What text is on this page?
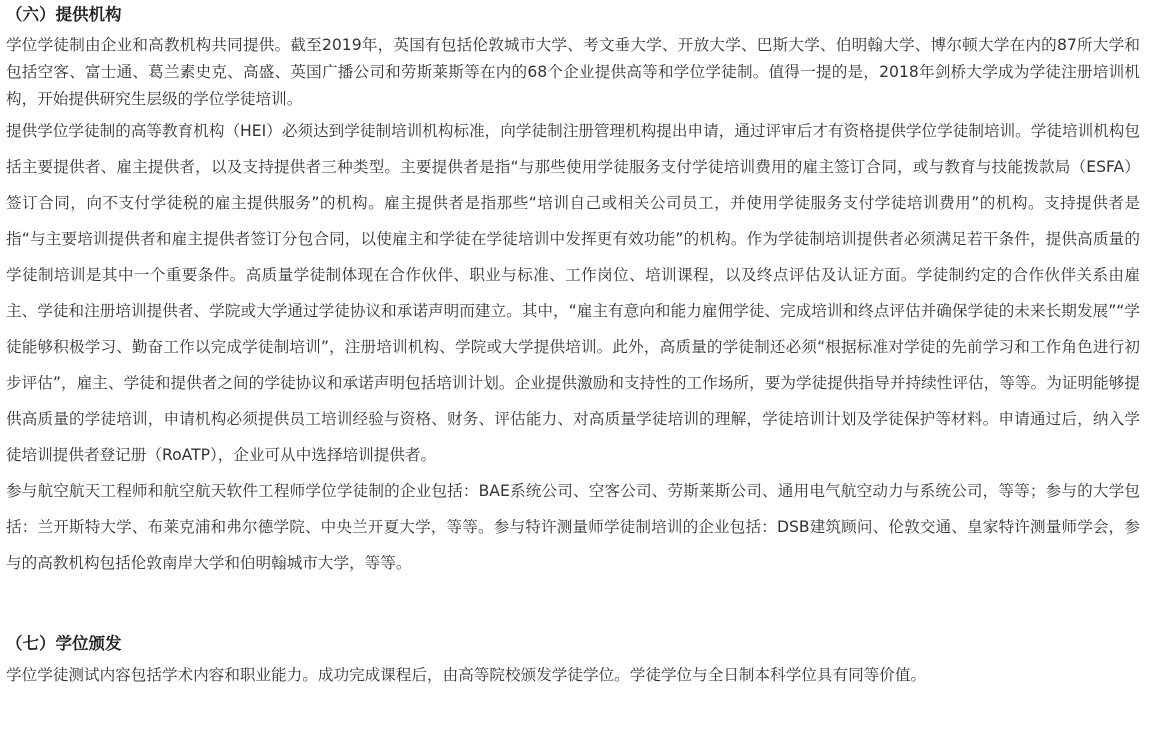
（六）提供机构

学位学徒制由企业和高教机构共同提供。截至2019年，英国有包括伦敦城市大学、考文垂大学、开放大学、巴斯大学、伯明翰大学、博尔顿大学在内的87所大学和包括空客、富士通、葛兰素史克、高盛、英国广播公司和劳斯莱斯等在内的68个企业提供高等和学位学徒制。值得一提的是，2018年剑桥大学成为学徒注册培训机构，开始提供研究生层级的学位学徒培训。

提供学位学徒制的高等教育机构（HEI）必须达到学徒制培训机构标准，向学徒制注册管理机构提出申请，通过评审后才有资格提供学位学徒制培训。学徒培训机构包括主要提供者、雇主提供者，以及支持提供者三种类型。主要提供者是指“与那些使用学徒服务支付学徒培训费用的雇主签订合同，或与教育与技能拨款局（ESFA）签订合同，向不支付学徒税的雇主提供服务”的机构。雇主提供者是指那些“培训自己或相关公司员工，并使用学徒服务支付学徒培训费用”的机构。支持提供者是指“与主要培训提供者和雇主提供者签订分包合同，以使雇主和学徒在学徒培训中发挥更有效功能”的机构。作为学徒制培训提供者必须满足若干条件，提供高质量的学徒制培训是其中一个重要条件。高质量学徒制体现在合作伙伴、职业与标准、工作岗位、培训课程，以及终点评估及认证方面。学徒制约定的合作伙伴关系由雇主、学徒和注册培训提供者、学院或大学通过学徒协议和承诺声明而建立。其中，“雇主有意向和能力雇佣学徒、完成培训和终点评估并确保学徒的未来长期发展”“学徒能够积极学习、勤奋工作以完成学徒制培训”，注册培训机构、学院或大学提供培训。此外，高质量的学徒制还必须“根据标准对学徒的先前学习和工作角色进行初步评估”，雇主、学徒和提供者之间的学徒协议和承诺声明包括培训计划。企业提供激励和支持性的工作场所，要为学徒提供指导并持续性评估，等等。为证明能够提供高质量的学徒培训，申请机构必须提供员工培训经验与资格、财务、评估能力、对高质量学徒培训的理解，学徒培训计划及学徒保护等材料。申请通过后，纳入学徒培训提供者登记册（RoATP），企业可从中选择培训提供者。

参与航空航天工程师和航空航天软件工程师学位学徒制的企业包括：BAE系统公司、空客公司、劳斯莱斯公司、通用电气航空动力与系统公司，等等；参与的大学包括：兰开斯特大学、布莱克浦和弗尔德学院、中央兰开夏大学，等等。参与特许测量师学徒制培训的企业包括：DSB建筑顾问、伦敦交通、皇家特许测量师学会，参与的高教机构包括伦敦南岸大学和伯明翰城市大学，等等。

（七）学位颁发

学位学徒测试内容包括学术内容和职业能力。成功完成课程后，由高等院校颁发学徒学位。学徒学位与全日制本科学位具有同等价值。
